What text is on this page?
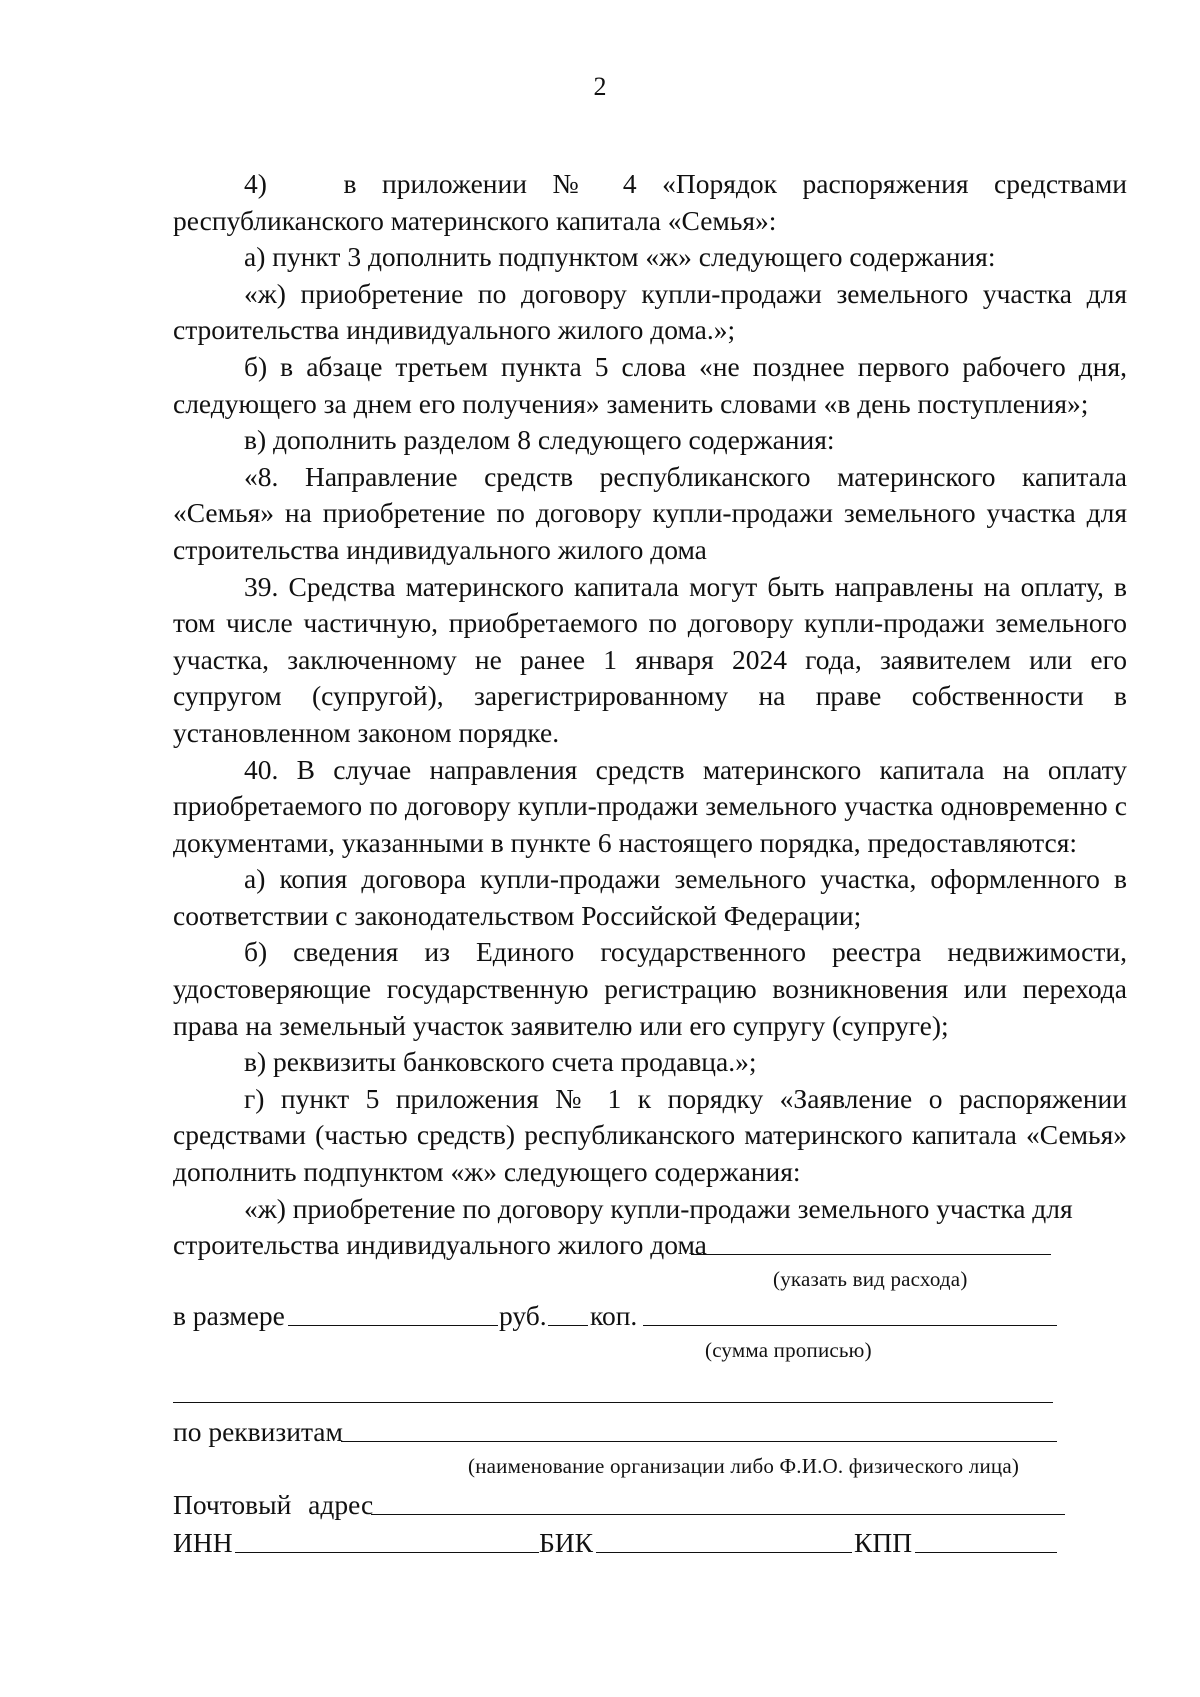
2

4)   в приложении № 4 «Порядок распоряжения средствами республиканского материнского капитала «Семья»:

а) пункт 3 дополнить подпунктом «ж» следующего содержания:

«ж) приобретение по договору купли-продажи земельного участка для строительства индивидуального жилого дома.»;

б) в абзаце третьем пункта 5 слова «не позднее первого рабочего дня, следующего за днем его получения» заменить словами «в день поступления»;

в) дополнить разделом 8 следующего содержания:

«8. Направление средств республиканского материнского капитала «Семья» на приобретение по договору купли-продажи земельного участка для строительства индивидуального жилого дома

39. Средства материнского капитала могут быть направлены на оплату, в том числе частичную, приобретаемого по договору купли-продажи земельного участка, заключенному не ранее 1 января 2024 года, заявителем или его супругом (супругой), зарегистрированному на праве собственности в установленном законом порядке.

40. В случае направления средств материнского капитала на оплату приобретаемого по договору купли-продажи земельного участка одновременно с документами, указанными в пункте 6 настоящего порядка, предоставляются:

а) копия договора купли-продажи земельного участка, оформленного в соответствии с законодательством Российской Федерации;

б) сведения из Единого государственного реестра недвижимости, удостоверяющие государственную регистрацию возникновения или перехода права на земельный участок заявителю или его супругу (супруге);

в) реквизиты банковского счета продавца.»;

г) пункт 5 приложения № 1 к порядку «Заявление о распоряжении средствами (частью средств) республиканского материнского капитала «Семья» дополнить подпунктом «ж» следующего содержания:

«ж) приобретение по договору купли-продажи земельного участка для

строительства индивидуального жилого дома
(указать вид расхода)
в размере	руб. коп.
(сумма прописью)
по реквизитам
(наименование организации либо Ф.И.О. физического лица)
Почтовый адрес
ИНН	БИК	КПП
